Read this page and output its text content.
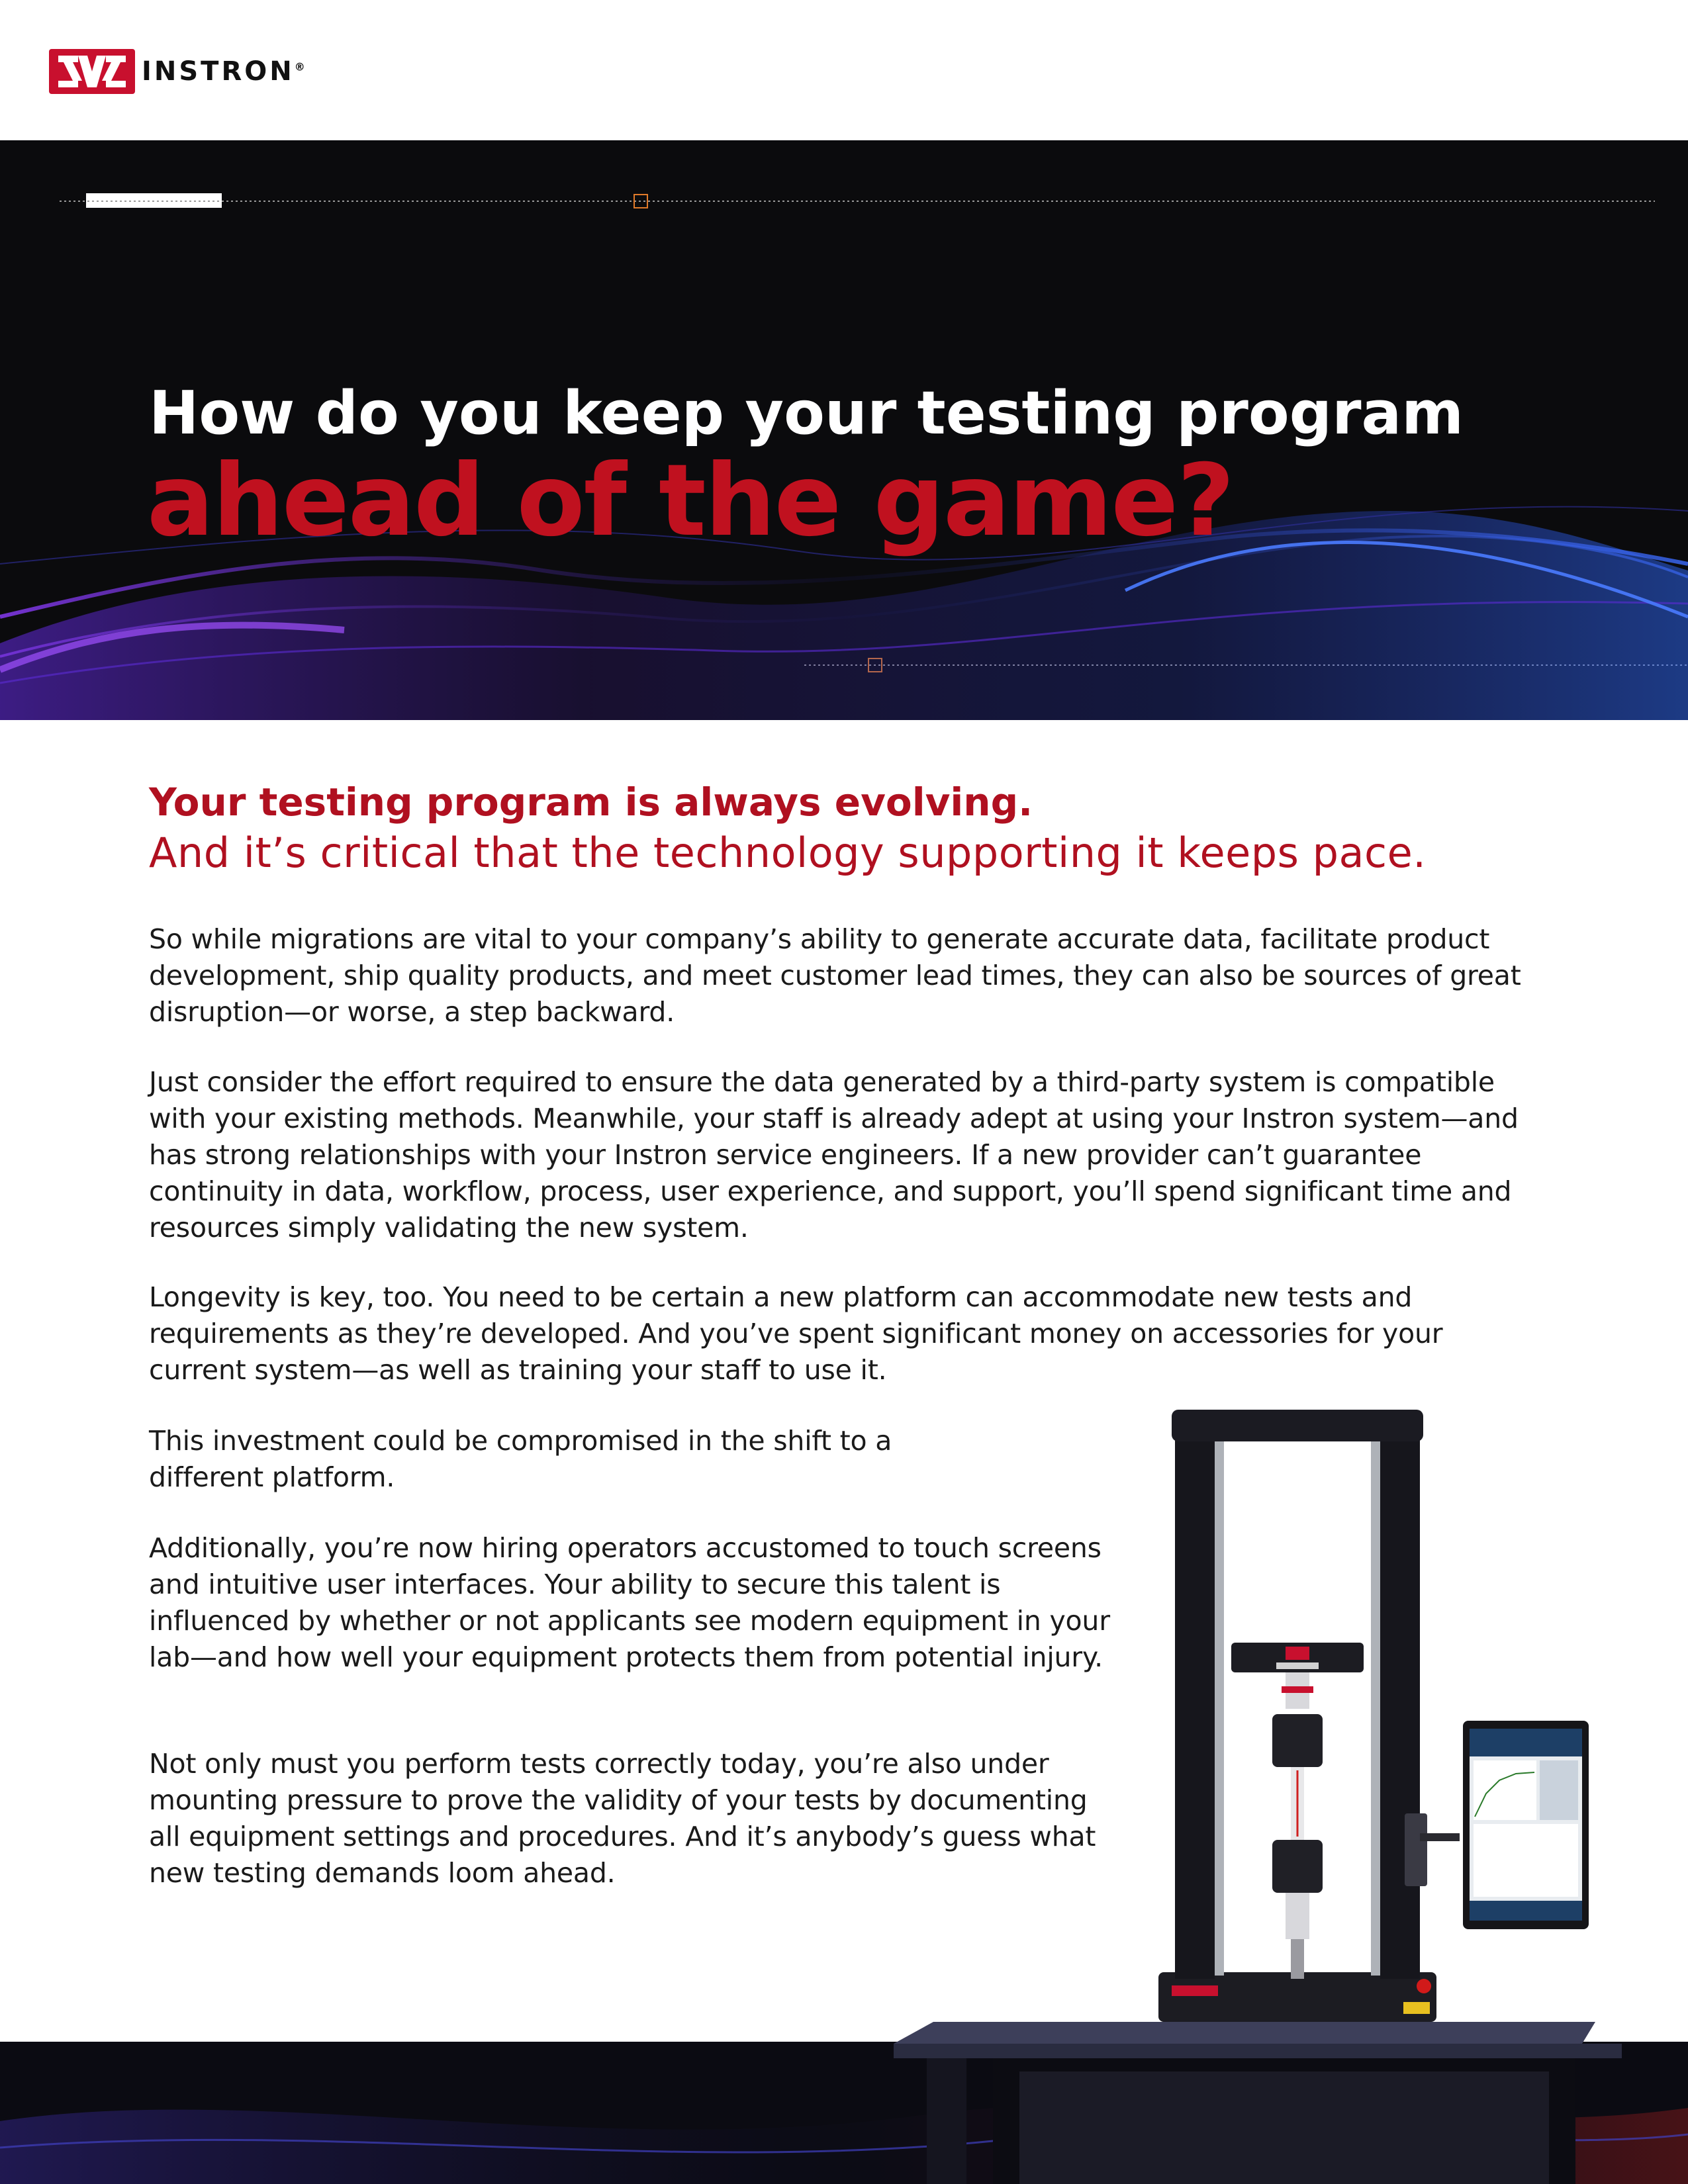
INSTRON®
How do you keep your testing program
ahead of the game?

Your testing program is always evolving.

And it’s critical that the technology supporting it keeps pace.

So while migrations are vital to your company’s ability to generate accurate data, facilitate product development, ship quality products, and meet customer lead times, they can also be sources of great disruption—or worse, a step backward.

Just consider the effort required to ensure the data generated by a third-party system is compatible with your existing methods. Meanwhile, your staff is already adept at using your Instron system—and has strong relationships with your Instron service engineers. If a new provider can’t guarantee continuity in data, workflow, process, user experience, and support, you’ll spend significant time and resources simply validating the new system.

Longevity is key, too. You need to be certain a new platform can accommodate new tests and requirements as they’re developed. And you’ve spent significant money on accessories for your current system—as well as training your staff to use it.

This investment could be compromised in the shift to a different platform.

Additionally, you’re now hiring operators accustomed to touch screens and intuitive user interfaces. Your ability to secure this talent is influenced by whether or not applicants see modern equipment in your lab—and how well your equipment protects them from potential injury.

Not only must you perform tests correctly today, you’re also under mounting pressure to prove the validity of your tests by documenting all equipment settings and procedures. And it’s anybody’s guess what new testing demands loom ahead.
